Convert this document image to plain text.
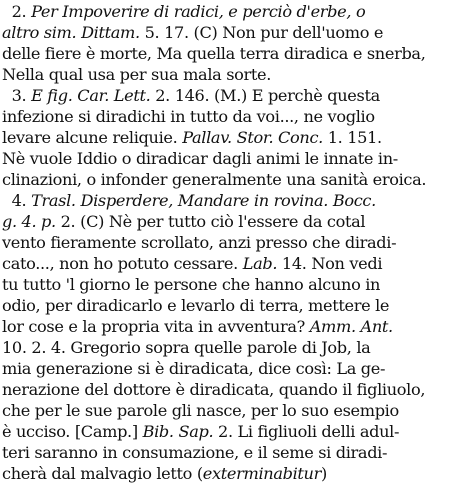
2. Per Impoverire di radici, e perciò d'erbe, o
altro sim. Dittam. 5. 17. (C) Non pur dell'uomo e
delle fiere è morte, Ma quella terra diradica e snerba,
Nella qual usa per sua mala sorte.
3. E fig. Car. Lett. 2. 146. (M.) E perchè questa
infezione si diradichi in tutto da voi..., ne voglio
levare alcune reliquie. Pallav. Stor. Conc. 1. 151.
Nè vuole Iddio o diradicar dagli animi le innate in-
clinazioni, o infonder generalmente una sanità eroica.
4. Trasl. Disperdere, Mandare in rovina. Bocc.
g. 4. p. 2. (C) Nè per tutto ciò l'essere da cotal
vento fieramente scrollato, anzi presso che diradi-
cato..., non ho potuto cessare. Lab. 14. Non vedi
tu tutto 'l giorno le persone che hanno alcuno in
odio, per diradicarlo e levarlo di terra, mettere le
lor cose e la propria vita in avventura? Amm. Ant.
10. 2. 4. Gregorio sopra quelle parole di Job, la
mia generazione si è diradicata, dice così: La ge-
nerazione del dottore è diradicata, quando il figliuolo,
che per le sue parole gli nasce, per lo suo esempio
è ucciso. [Camp.] Bib. Sap. 2. Li figliuoli delli adul-
teri saranno in consumazione, e il seme si diradi-
cherà dal malvagio letto (exterminabitur)
